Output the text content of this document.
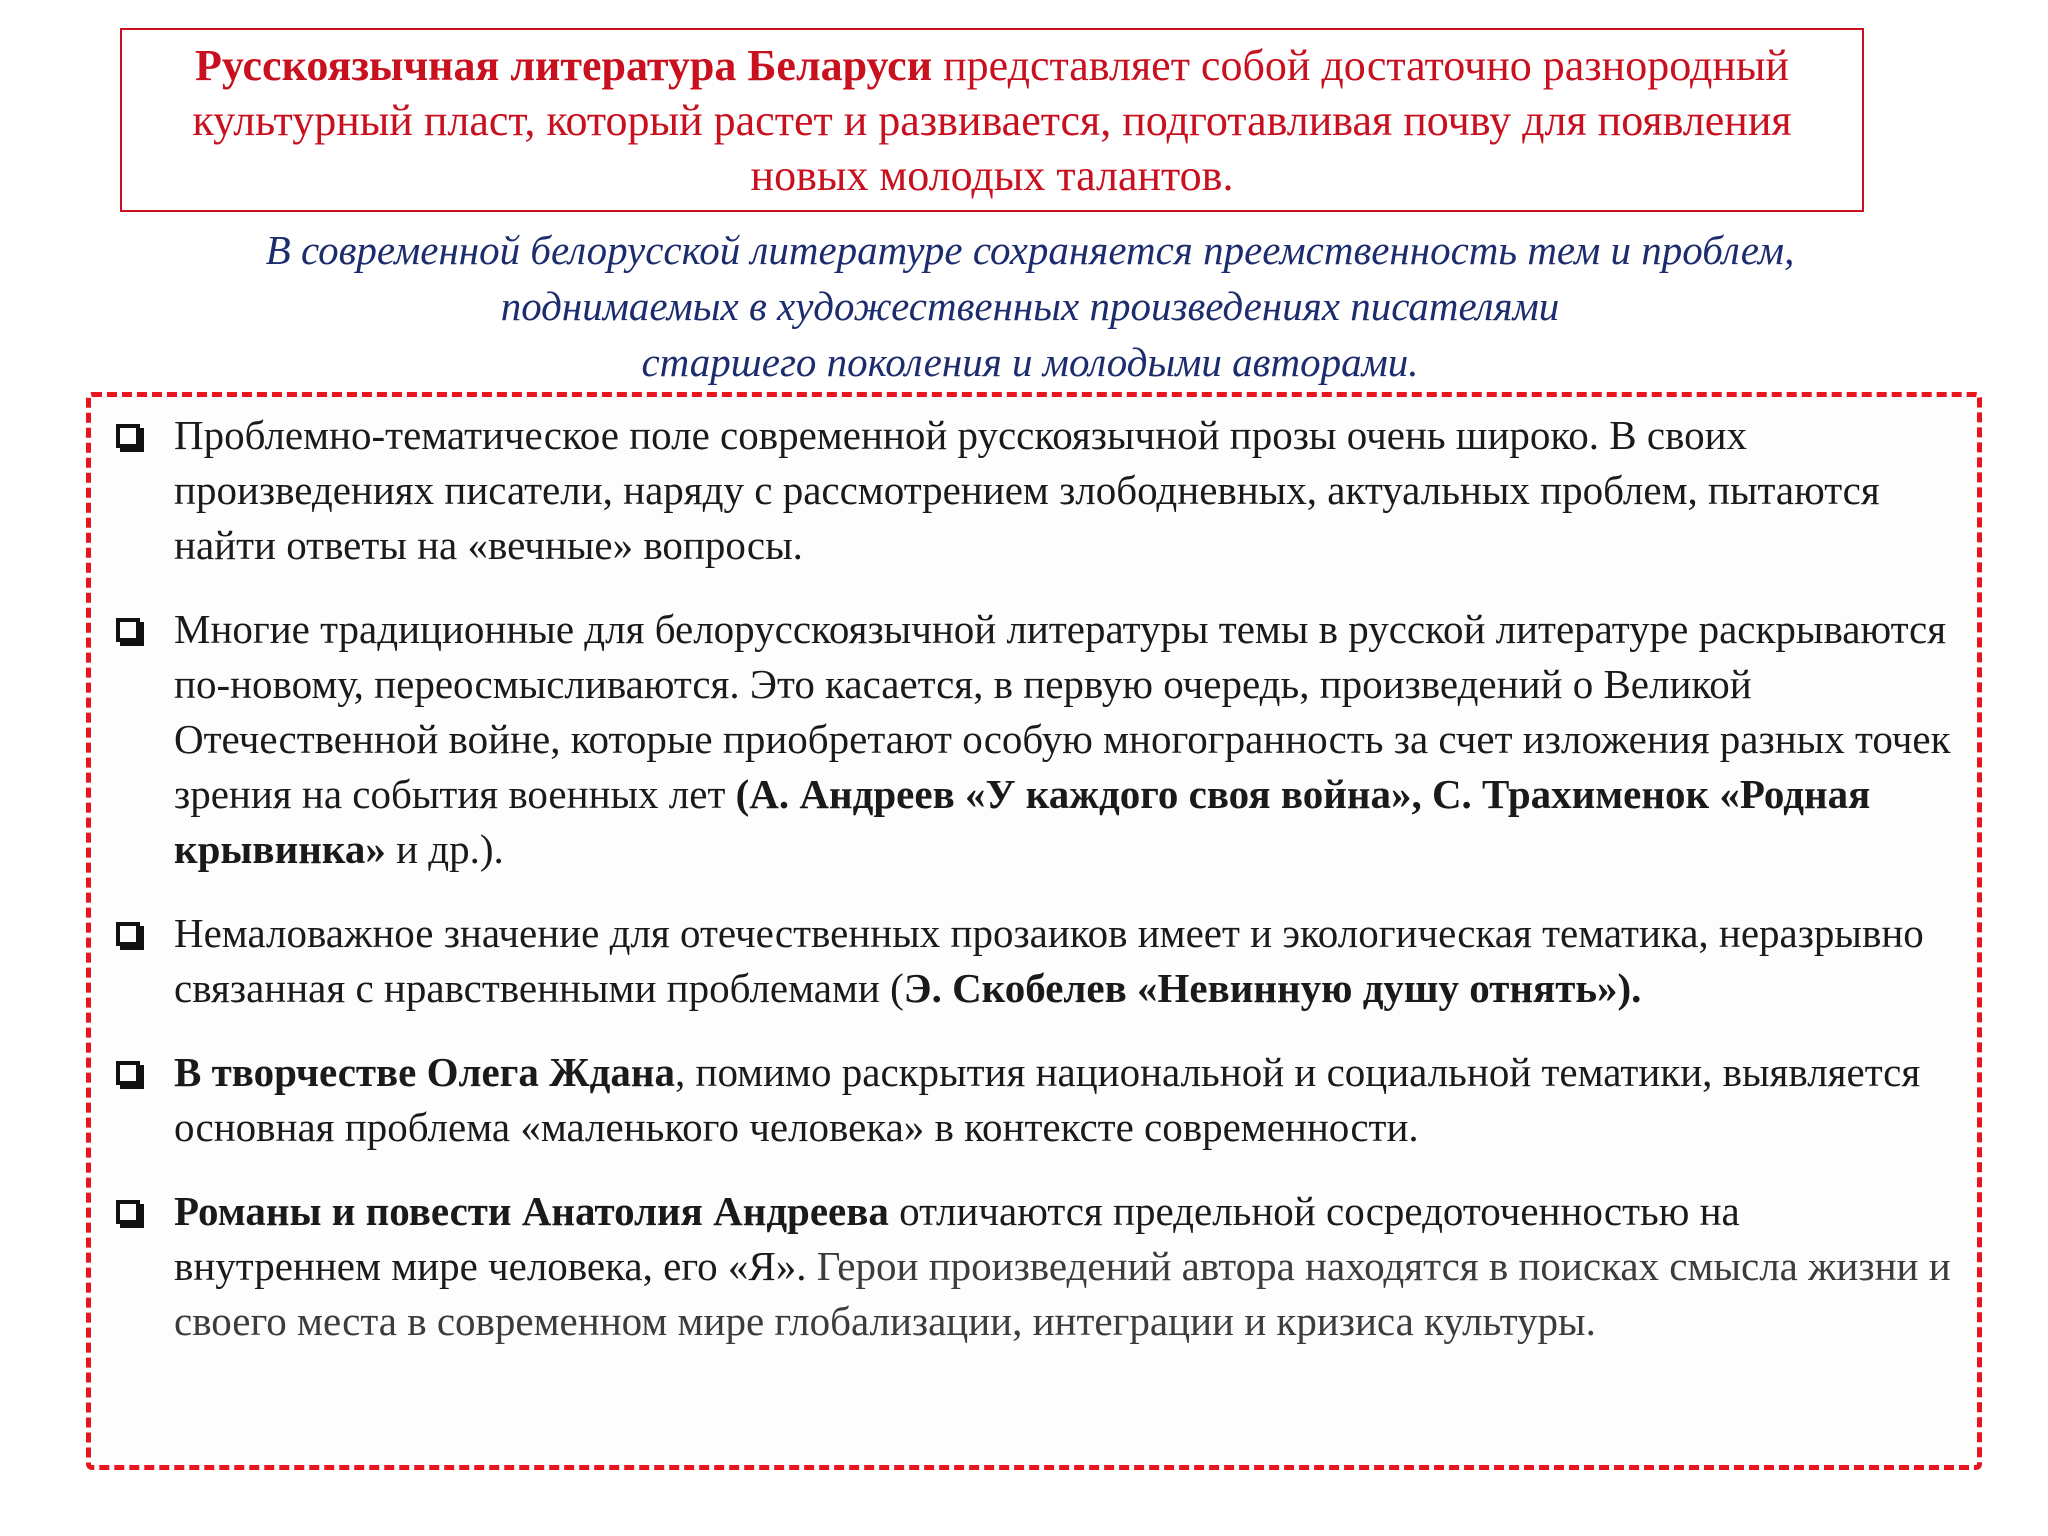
Русскоязычная литература Беларуси представляет собой достаточно разнородный культурный пласт, который растет и развивается, подготавливая почву для появления новых молодых талантов.
В современной белорусской литературе сохраняется преемственность тем и проблем,
поднимаемых в художественных произведениях писателями
старшего поколения и молодыми авторами.
Проблемно-тематическое поле современной русскоязычной прозы очень широко. В своих произведениях писатели, наряду с рассмотрением злободневных, актуальных проблем, пытаются найти ответы на «вечные» вопросы.
Многие традиционные для белорусскоязычной литературы темы в русской литературе раскрываются по-новому, переосмысливаются. Это касается, в первую очередь, произведений о Великой Отечественной войне, которые приобретают особую многогранность за счет изложения разных точек зрения на события военных лет (А. Андреев «У каждого своя война», С. Трахименок «Родная крывинка» и др.).
Немаловажное значение для отечественных прозаиков имеет и экологическая тематика, неразрывно связанная с нравственными проблемами (Э. Скобелев «Невинную душу отнять»).
В творчестве Олега Ждана, помимо раскрытия национальной и социальной тематики, выявляется основная проблема «маленького человека» в контексте современности.
Романы и повести Анатолия Андреева отличаются предельной сосредоточенностью на внутреннем мире человека, его «Я». Герои произведений автора находятся в поисках смысла жизни и своего места в современном мире глобализации, интеграции и кризиса культуры.
